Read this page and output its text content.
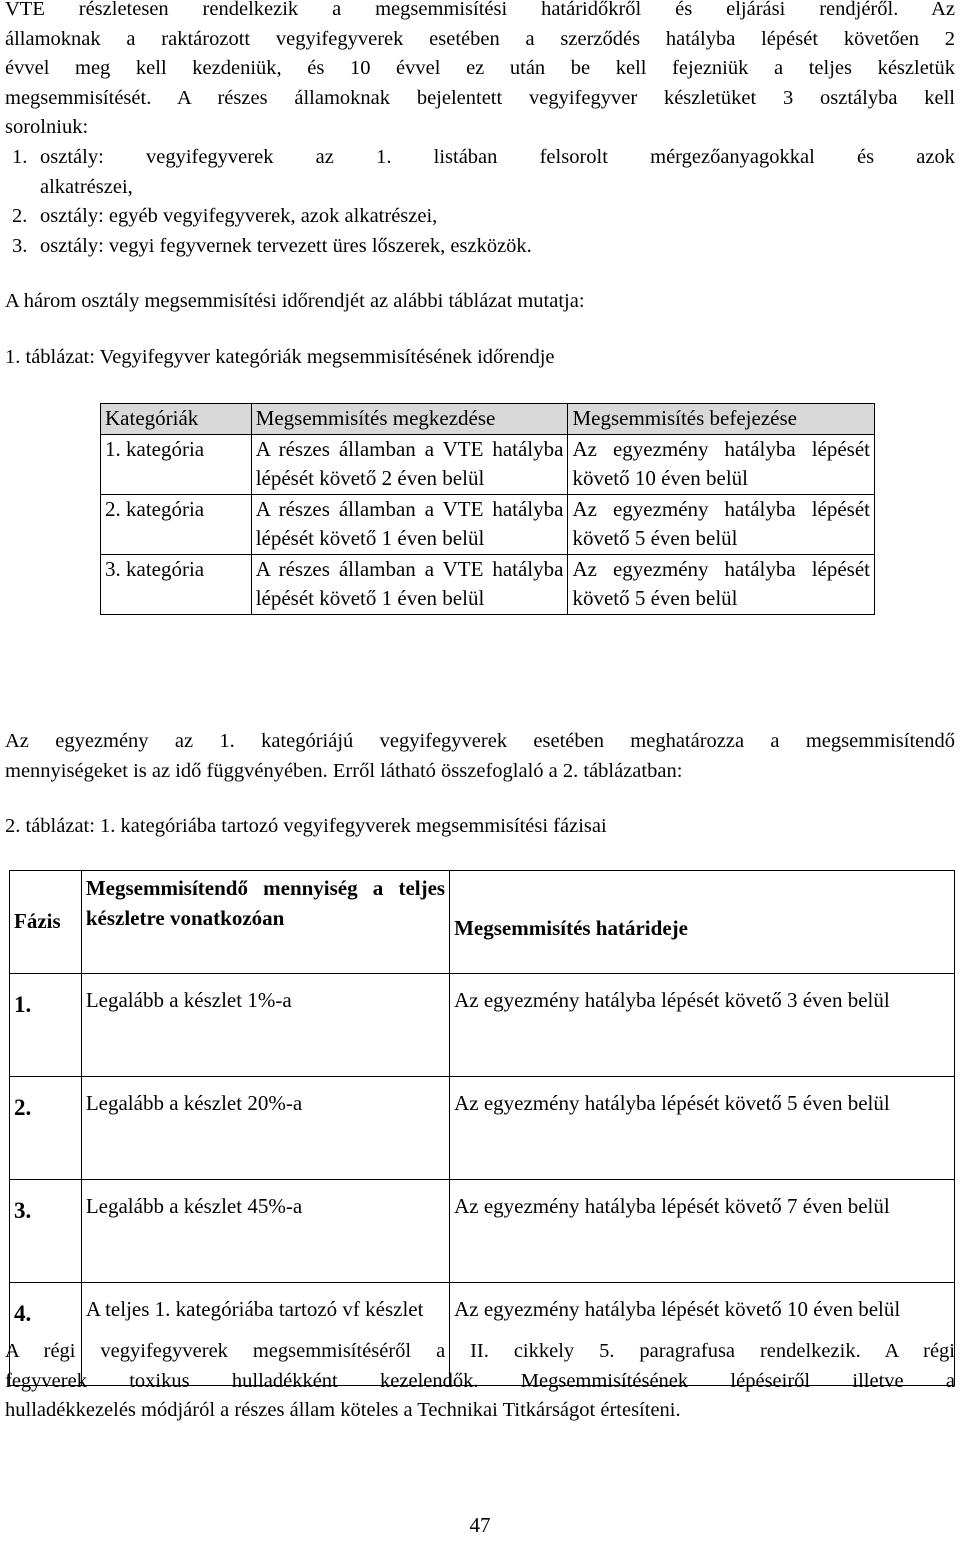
VTE részletesen rendelkezik a megsemmisítési határidőkről és eljárási rendjéről. Az
államoknak a raktározott vegyifegyverek esetében a szerződés hatályba lépését követően 2
évvel meg kell kezdeniük, és 10 évvel ez után be kell fejezniük a teljes készletük
megsemmisítését. A részes államoknak bejelentett vegyifegyver készletüket 3 osztályba kell
sorolniuk:
1. osztály: vegyifegyverek az 1. listában felsorolt mérgezőanyagokkal és azok
alkatrészei,
2. osztály: egyéb vegyifegyverek, azok alkatrészei,
3. osztály: vegyi fegyvernek tervezett üres lőszerek, eszközök.

A három osztály megsemmisítési időrendjét az alábbi táblázat mutatja:

1. táblázat: Vegyifegyver kategóriák megsemmisítésének időrendje

Kategóriák	Megsemmisítés megkezdése	Megsemmisítés befejezése
1. kategória	A részes államban a VTE hatályba lépését követő 2 éven belül	Az egyezmény hatályba lépését követő 10 éven belül
2. kategória	A részes államban a VTE hatályba lépését követő 1 éven belül	Az egyezmény hatályba lépését követő 5 éven belül
3. kategória	A részes államban a VTE hatályba lépését követő 1 éven belül	Az egyezmény hatályba lépését követő 5 éven belül
Az egyezmény az 1. kategóriájú vegyifegyverek esetében meghatározza a megsemmisítendő
mennyiségeket is az idő függvényében. Erről látható összefoglaló a 2. táblázatban:

2. táblázat: 1. kategóriába tartozó vegyifegyverek megsemmisítési fázisai

Fázis	Megsemmisítendő mennyiség a teljes készletre vonatkozóan	Megsemmisítés határideje
1.	Legalább a készlet 1%-a	Az egyezmény hatályba lépését követő 3 éven belül
2.	Legalább a készlet 20%-a	Az egyezmény hatályba lépését követő 5 éven belül
3.	Legalább a készlet 45%-a	Az egyezmény hatályba lépését követő 7 éven belül
4.	A teljes 1. kategóriába tartozó vf készlet	Az egyezmény hatályba lépését követő 10 éven belül
A régi vegyifegyverek megsemmisítéséről a II. cikkely 5. paragrafusa rendelkezik. A régi
fegyverek toxikus hulladékként kezelendők. Megsemmisítésének lépéseiről illetve a
hulladékkezelés módjáról a részes állam köteles a Technikai Titkárságot értesíteni.
47
